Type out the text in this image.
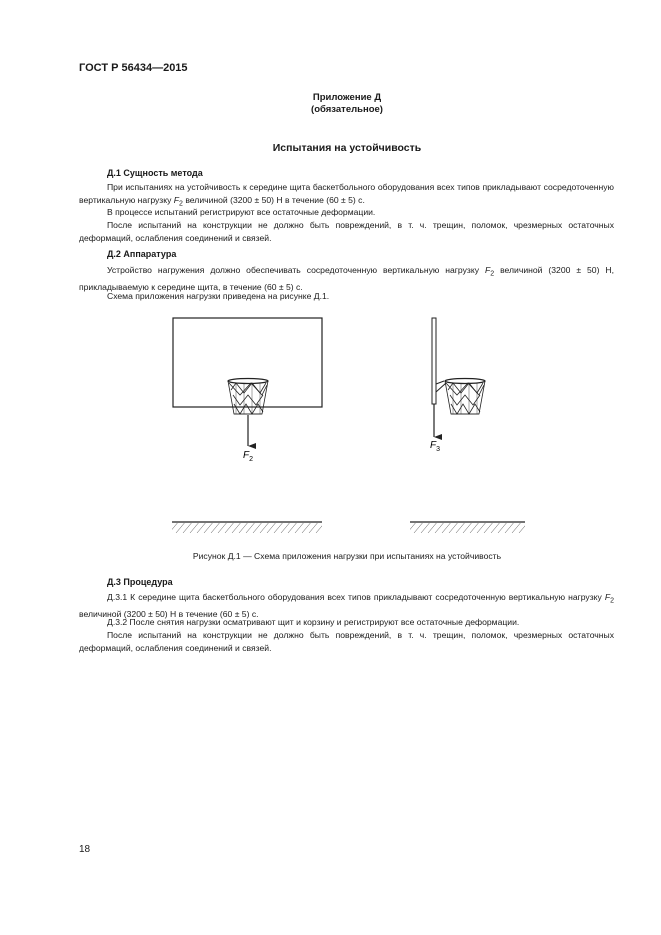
ГОСТ Р 56434—2015
Приложение Д
(обязательное)
Испытания на устойчивость
Д.1 Сущность метода
При испытаниях на устойчивость к середине щита баскетбольного оборудования всех типов прикладывают сосредоточенную вертикальную нагрузку $F_2$ величиной (3200 ± 50) Н в течение (60 ± 5) с.
В процессе испытаний регистрируют все остаточные деформации.
После испытаний на конструкции не должно быть повреждений, в т. ч. трещин, поломок, чрезмерных остаточных деформаций, ослабления соединений и связей.
Д.2 Аппаратура
Устройство нагружения должно обеспечивать сосредоточенную вертикальную нагрузку $F_2$ величиной (3200 ± 50) Н, прикладываемую к середине щита, в течение (60 ± 5) с.
Схема приложения нагрузки приведена на рисунке Д.1.
$F_2$
$F_3$
Рисунок Д.1 — Схема приложения нагрузки при испытаниях на устойчивость
Д.3 Процедура
Д.3.1 К середине щита баскетбольного оборудования всех типов прикладывают сосредоточенную вертикальную нагрузку $F_2$ величиной (3200 ± 50) Н в течение (60 ± 5) с.
Д.3.2 После снятия нагрузки осматривают щит и корзину и регистрируют все остаточные деформации.
После испытаний на конструкции не должно быть повреждений, в т. ч. трещин, поломок, чрезмерных остаточных деформаций, ослабления соединений и связей.
18
